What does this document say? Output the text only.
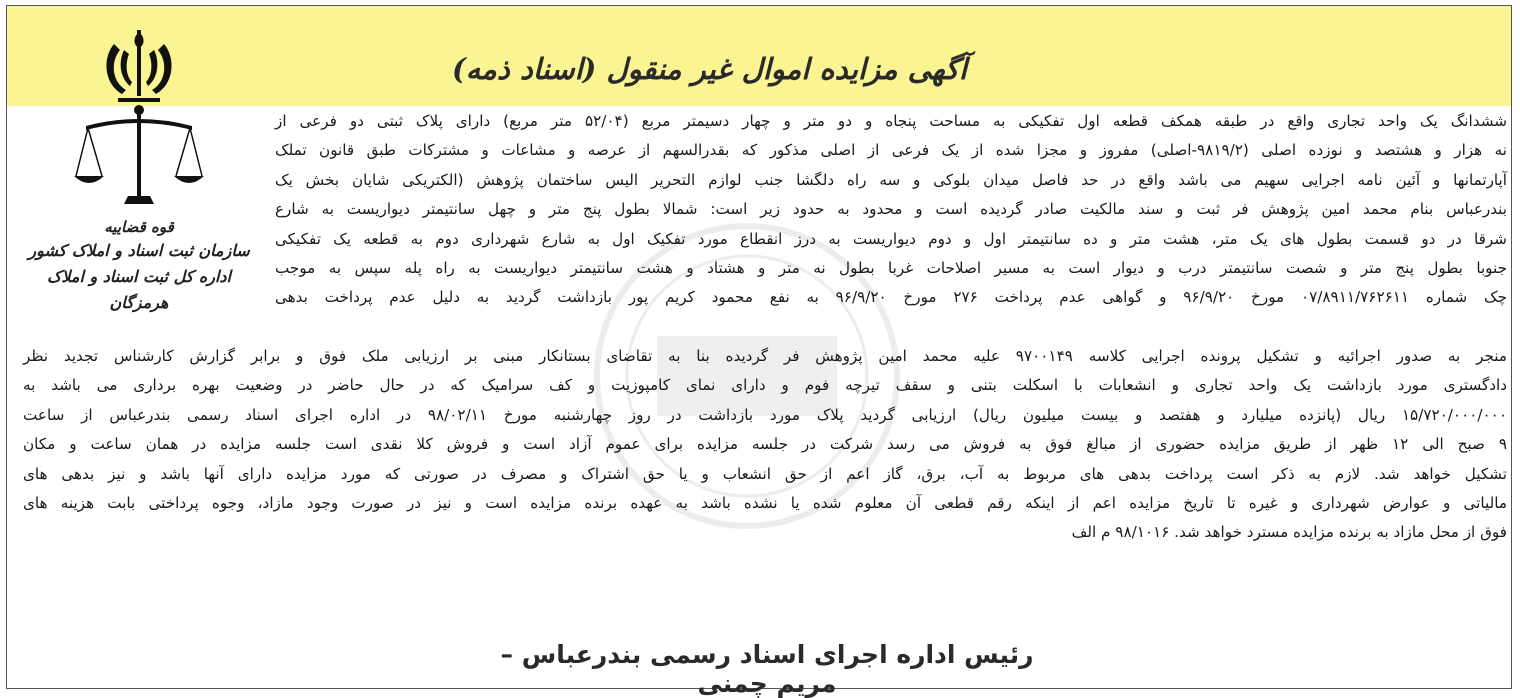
آگهی مزایده اموال غیر منقول (اسناد ذمه)
قوه قضاییه
سازمان ثبت اسناد و املاک کشور
اداره کل ثبت اسناد و املاک هرمزگان

ششدانگ یک واحد تجاری واقع در طبقه همکف قطعه اول تفکیکی به مساحت پنجاه و دو متر و چهار دسیمتر مربع (۵۲/۰۴ متر مربع) دارای پلاک ثبتی دو فرعی از

نه هزار و هشتصد و نوزده اصلی (۹۸۱۹/۲-اصلی) مفروز و مجزا شده از یک فرعی از اصلی مذکور که بقدرالسهم از عرصه و مشاعات و مشترکات طبق قانون تملک

آپارتمانها و آئین نامه اجرایی سهیم می باشد واقع در حد فاصل میدان بلوکی و سه راه دلگشا جنب لوازم التحریر الیس ساختمان پژوهش (الکتریکی شایان بخش یک

بندرعباس بنام محمد امین پژوهش فر ثبت و سند مالکیت صادر گردیده است و محدود به حدود زیر است: شمالا بطول پنج متر و چهل سانتیمتر دیواریست به شارع

شرقا در دو قسمت بطول های یک متر، هشت متر و ده سانتیمتر اول و دوم دیواریست به درز انقطاع مورد تفکیک اول به شارع شهرداری دوم به قطعه یک تفکیکی

جنوبا بطول پنج متر و شصت سانتیمتر درب و دیوار است به مسیر اصلاحات غربا بطول نه متر و هشتاد و هشت سانتیمتر دیواریست به راه پله سپس به موجب

چک شماره ۰۷/۸۹۱۱/۷۶۲۶۱۱ مورخ ۹۶/۹/۲۰ و گواهی عدم پرداخت ۲۷۶ مورخ ۹۶/۹/۲۰ به نفع محمود کریم پور بازداشت گردید به دلیل عدم پرداخت بدهی

منجر به صدور اجرائیه و تشکیل پرونده اجرایی کلاسه ۹۷۰۰۱۴۹ علیه محمد امین پژوهش فر گردیده بنا به تقاضای بستانکار مبنی بر ارزیابی ملک فوق و برابر گزارش کارشناس تجدید نظر

دادگستری مورد بازداشت یک واحد تجاری و انشعابات با اسکلت بتنی و سقف تیرچه فوم و دارای نمای کامپوزیت و کف سرامیک که در حال حاضر در وضعیت بهره برداری می باشد به

۱۵/۷۲۰/۰۰۰/۰۰۰ ریال (پانزده میلیارد و هفتصد و بیست میلیون ریال) ارزیابی گردید پلاک مورد بازداشت در روز چهارشنبه مورخ ۹۸/۰۲/۱۱ در اداره اجرای اسناد رسمی بندرعباس از ساعت

۹ صبح الی ۱۲ ظهر از طریق مزایده حضوری از مبالغ فوق به فروش می رسد شرکت در جلسه مزایده برای عموم آزاد است و فروش کلا نقدی است جلسه مزایده در همان ساعت و مکان

تشکیل خواهد شد. لازم به ذکر است پرداخت بدهی های مربوط به آب، برق، گاز اعم از حق انشعاب و یا حق اشتراک و مصرف در صورتی که مورد مزایده دارای آنها باشد و نیز بدهی های

مالیاتی و عوارض شهرداری و غیره تا تاریخ مزایده اعم از اینکه رقم قطعی آن معلوم شده یا نشده باشد به عهده برنده مزایده است و نیز در صورت وجود مازاد، وجوه پرداختی بابت هزینه های

فوق از محل مازاد به برنده مزایده مسترد خواهد شد. ۹۸/۱۰۱۶ م الف

رئیس اداره اجرای اسناد رسمی بندرعباس – مریم چمنی
